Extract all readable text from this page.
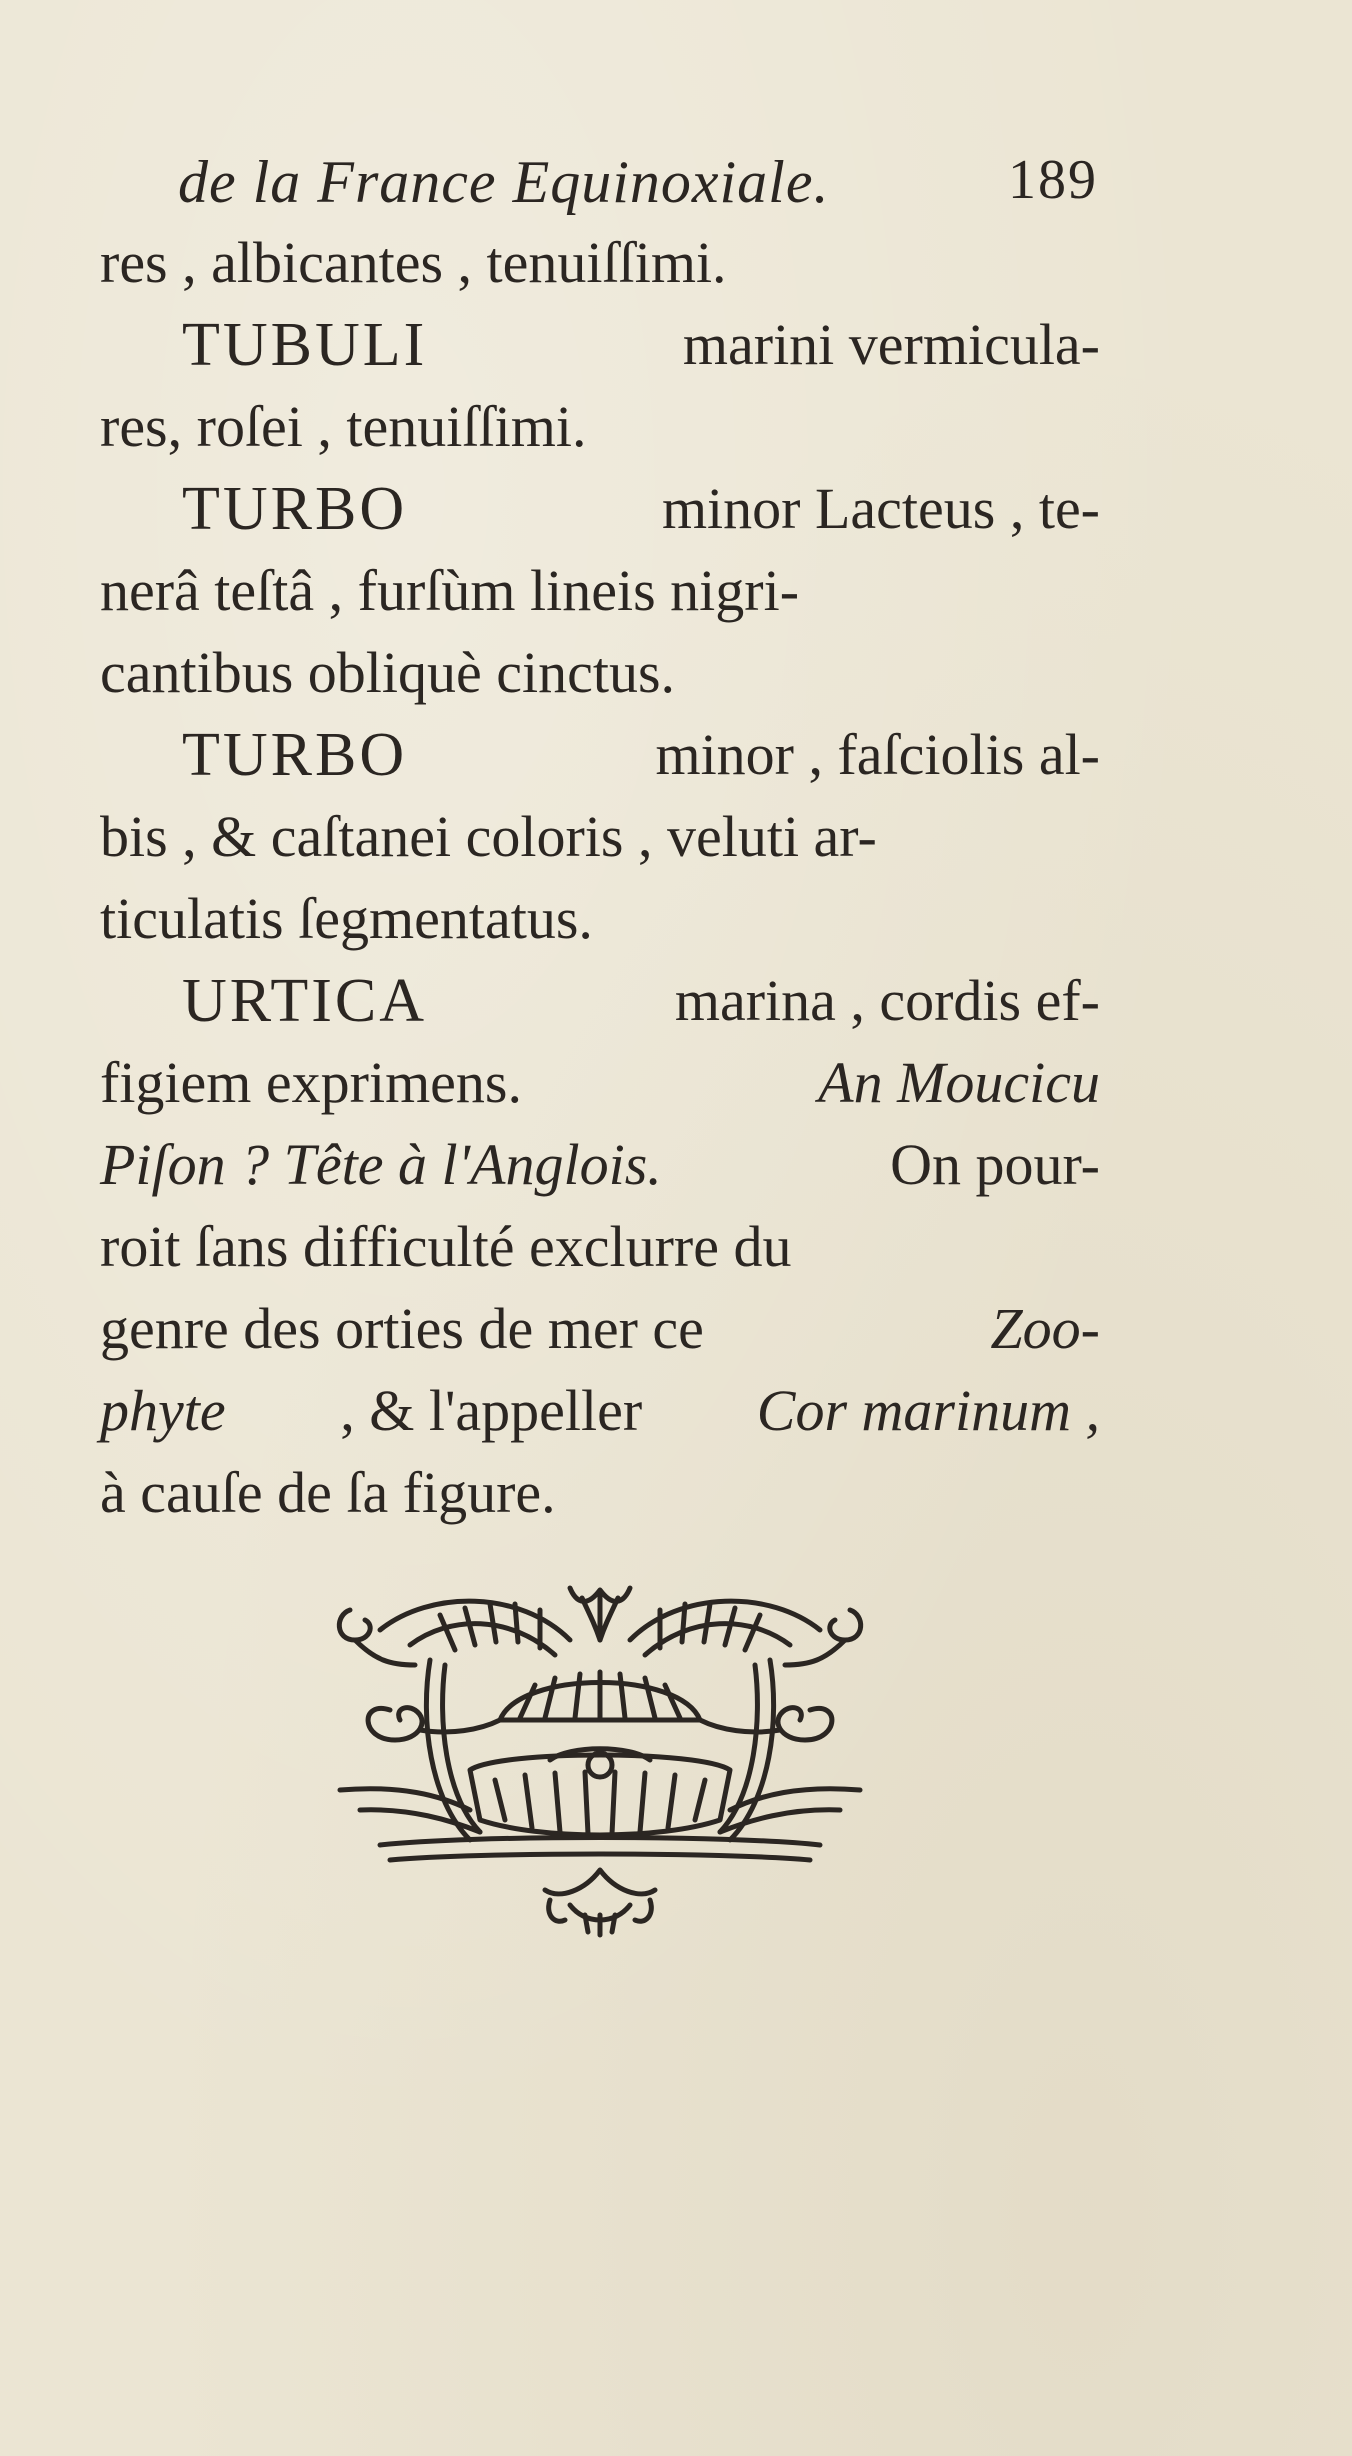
de la France Equinoxiale.	189
res , albicantes , tenuiſſimi.
TUBULI	marini vermicula-
res, roſei , tenuiſſimi.
TURBO	minor Lacteus , te-
nerâ teſtâ , furſùm lineis nigri-
cantibus obliquè cinctus.
TURBO	minor , faſciolis al-
bis , & caſtanei coloris , veluti ar-
ticulatis ſegmentatus.
URTICA	marina , cordis ef-
figiem exprimens.	An Moucicu
Piſon ? Tête à l'Anglois.	On pour-
roit ſans difficulté exclurre du
genre des orties de mer ce	Zoo-
phyte , & l'appeller Cor marinum ,
à cauſe de ſa figure.
